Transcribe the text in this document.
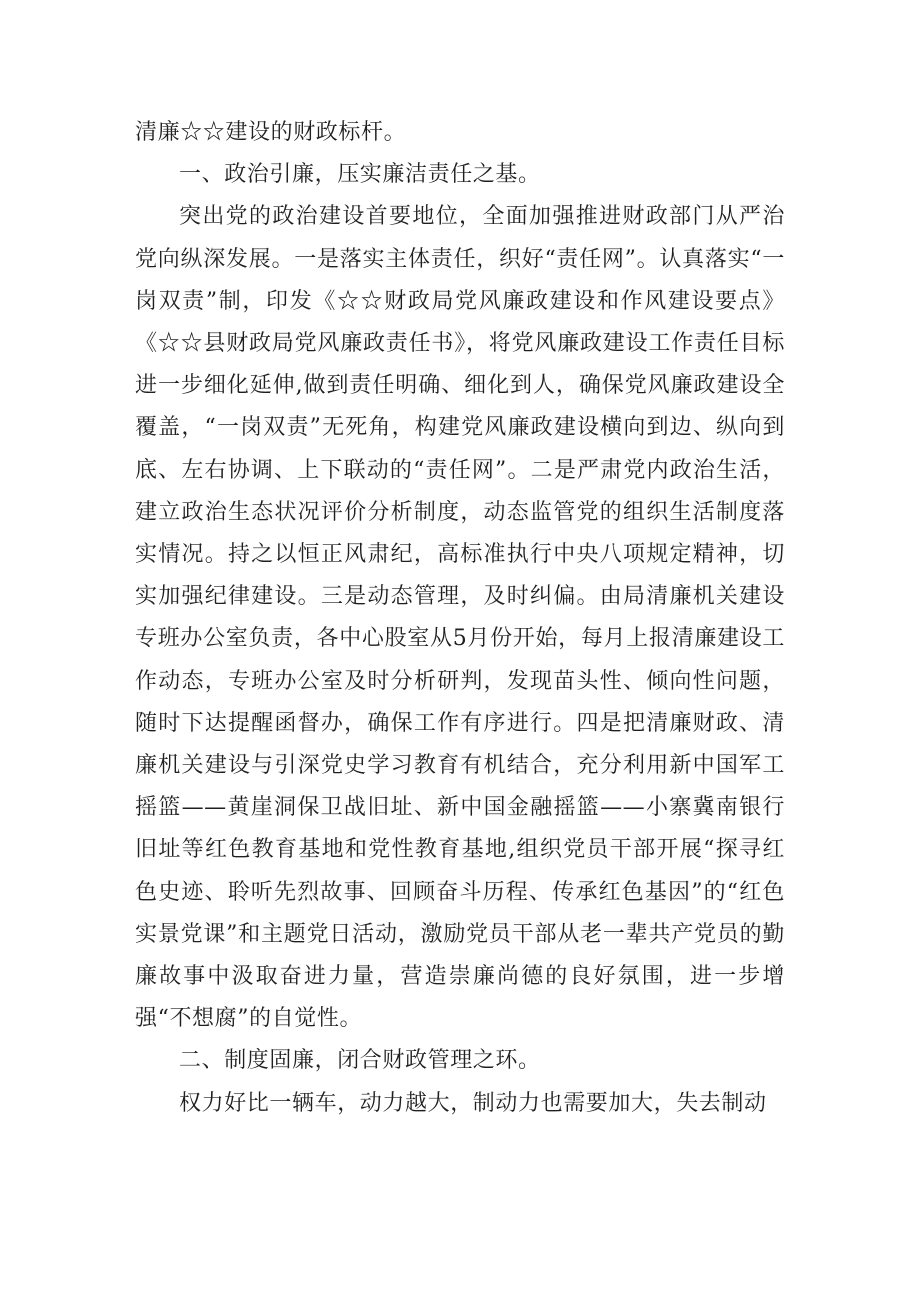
清廉☆☆建设的财政标杆。

一、政治引廉，压实廉洁责任之基。

突出党的政治建设首要地位，全面加强推进财政部门从严治党向纵深发展。一是落实主体责任，织好“责任网”。认真落实“一岗双责”制，印发《☆☆财政局党风廉政建设和作风建设要点》《☆☆县财政局党风廉政责任书》，将党风廉政建设工作责任目标进一步细化延伸,做到责任明确、细化到人，确保党风廉政建设全覆盖，“一岗双责”无死角，构建党风廉政建设横向到边、纵向到底、左右协调、上下联动的“责任网”。二是严肃党内政治生活，建立政治生态状况评价分析制度，动态监管党的组织生活制度落实情况。持之以恒正风肃纪，高标准执行中央八项规定精神，切实加强纪律建设。三是动态管理，及时纠偏。由局清廉机关建设专班办公室负责，各中心股室从5月份开始，每月上报清廉建设工作动态，专班办公室及时分析研判，发现苗头性、倾向性问题，随时下达提醒函督办，确保工作有序进行。四是把清廉财政、清廉机关建设与引深党史学习教育有机结合，充分利用新中国军工摇篮——黄崖洞保卫战旧址、新中国金融摇篮——小寨冀南银行旧址等红色教育基地和党性教育基地,组织党员干部开展“探寻红色史迹、聆听先烈故事、回顾奋斗历程、传承红色基因”的“红色实景党课”和主题党日活动，激励党员干部从老一辈共产党员的勤廉故事中汲取奋进力量，营造崇廉尚德的良好氛围，进一步增强“不想腐”的自觉性。

二、制度固廉，闭合财政管理之环。

权力好比一辆车，动力越大，制动力也需要加大，失去制动
